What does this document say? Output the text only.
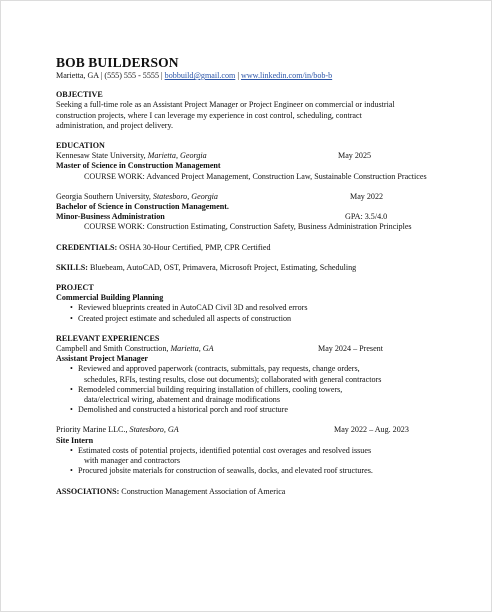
BOB BUILDERSON
Marietta, GA | (555) 555 - 5555 | bobbuild@gmail.com | www.linkedin.com/in/bob-b
OBJECTIVE
Seeking a full-time role as an Assistant Project Manager or Project Engineer on commercial or industrial construction projects, where I can leverage my experience in cost control, scheduling, contract administration, and project delivery.
EDUCATION
Kennesaw State University, Marietta, Georgia	May 2025
Master of Science in Construction Management
COURSE WORK: Advanced Project Management, Construction Law, Sustainable Construction Practices
Georgia Southern University, Statesboro, Georgia	May 2022
Bachelor of Science in Construction Management.
Minor-Business Administration	GPA: 3.5/4.0
COURSE WORK: Construction Estimating, Construction Safety, Business Administration Principles
CREDENTIALS: OSHA 30-Hour Certified, PMP, CPR Certified
SKILLS: Bluebeam, AutoCAD, OST, Primavera, Microsoft Project, Estimating, Scheduling
PROJECT
Commercial Building Planning
• Reviewed blueprints created in AutoCAD Civil 3D and resolved errors
• Created project estimate and scheduled all aspects of construction
RELEVANT EXPERIENCES
Campbell and Smith Construction, Marietta, GA	May 2024 – Present
Assistant Project Manager
• Reviewed and approved paperwork (contracts, submittals, pay requests, change orders,
schedules, RFIs, testing results, close out documents); collaborated with general contractors
• Remodeled commercial building requiring installation of chillers, cooling towers,
data/electrical wiring, abatement and drainage modifications
• Demolished and constructed a historical porch and roof structure
Priority Marine LLC., Statesboro, GA	May 2022 – Aug. 2023
Site Intern
• Estimated costs of potential projects, identified potential cost overages and resolved issues
with manager and contractors
• Procured jobsite materials for construction of seawalls, docks, and elevated roof structures.
ASSOCIATIONS: Construction Management Association of America
